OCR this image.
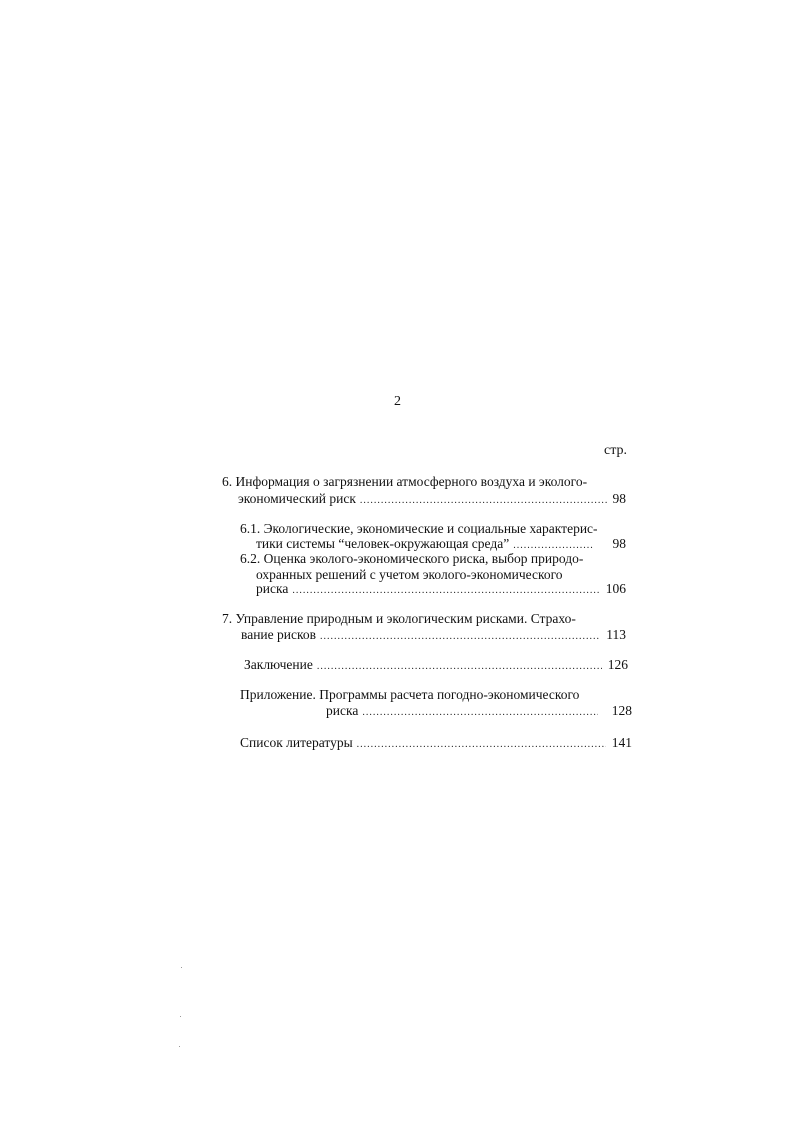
2
стр.
6. Информация о загрязнении атмосферного воздуха и эколого-
экономический риск .....	98
6.1. Экологические, экономические и социальные характерис-
тики системы “человек-окружающая среда” .....	98
6.2. Оценка эколого-экономического риска, выбор природо-
охранных решений с учетом эколого-экономического
риска .....	106
7. Управление природным и экологическим рисками. Страхо-
вание рисков .....	113
Заключение .....	126
Приложение. Программы расчета погодно-экономического
риска .....	128
Список литературы .....	141
